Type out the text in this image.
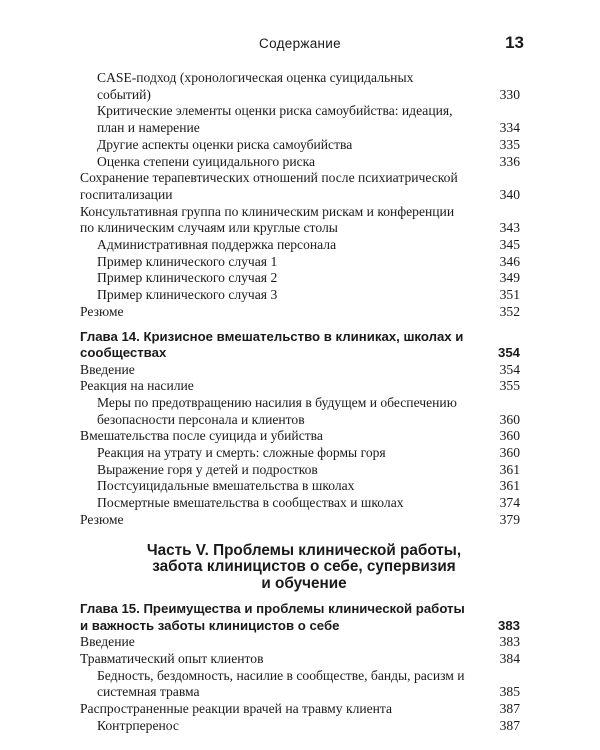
Содержание	13
CASE-подход (хронологическая оценка суицидальных событий)	330
Критические элементы оценки риска самоубийства: идеация, план и намерение	334
Другие аспекты оценки риска самоубийства	335
Оценка степени суицидального риска	336
Сохранение терапевтических отношений после психиатрической госпитализации	340
Консультативная группа по клиническим рискам и конференции по клиническим случаям или круглые столы	343
Административная поддержка персонала	345
Пример клинического случая 1	346
Пример клинического случая 2	349
Пример клинического случая 3	351
Резюме	352
Глава 14. Кризисное вмешательство в клиниках, школах и сообществах	354
Введение	354
Реакция на насилие	355
Меры по предотвращению насилия в будущем и обеспечению безопасности персонала и клиентов	360
Вмешательства после суицида и убийства	360
Реакция на утрату и смерть: сложные формы горя	360
Выражение горя у детей и подростков	361
Постсуицидальные вмешательства в школах	361
Посмертные вмешательства в сообществах и школах	374
Резюме	379
Часть V. Проблемы клинической работы,
забота клиницистов о себе, супервизия
и обучение
Глава 15. Преимущества и проблемы клинической работы и важность заботы клиницистов о себе	383
Введение	383
Травматический опыт клиентов	384
Бедность, бездомность, насилие в сообществе, банды, расизм и системная травма	385
Распространенные реакции врачей на травму клиента	387
Контрперенос	387
